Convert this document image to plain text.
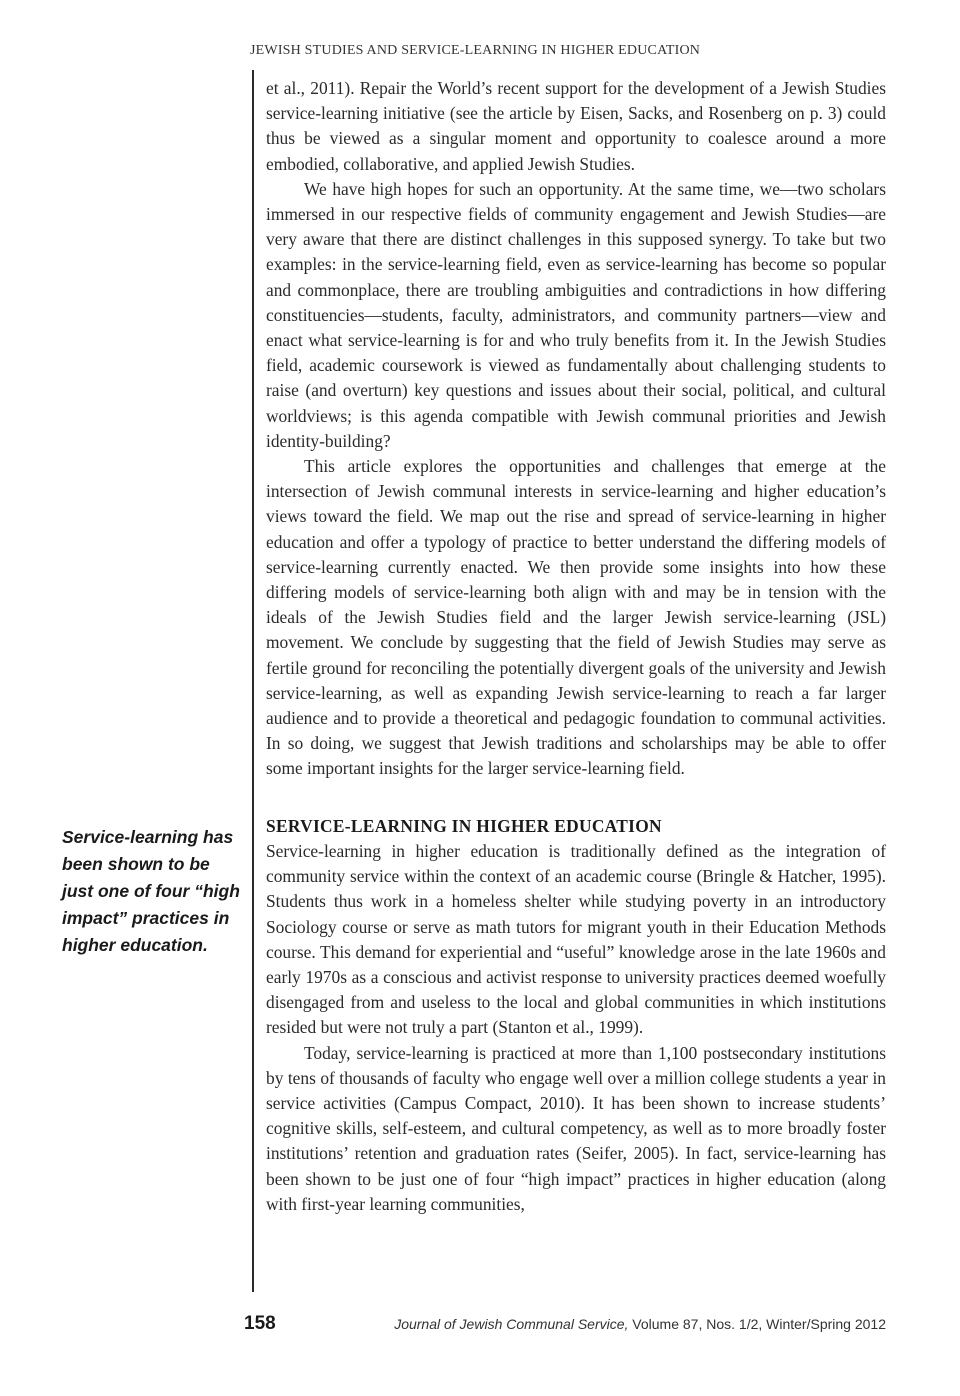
JEWISH STUDIES AND SERVICE-LEARNING IN HIGHER EDUCATION

Service-learning has been shown to be just one of four “high impact” practices in higher education.

et al., 2011). Repair the World’s recent support for the development of a Jewish Studies service-learning initiative (see the article by Eisen, Sacks, and Rosenberg on p. 3) could thus be viewed as a singular moment and opportunity to coalesce around a more embodied, collaborative, and applied Jewish Studies.

We have high hopes for such an opportunity. At the same time, we—two scholars immersed in our respective fields of community engagement and Jewish Studies—are very aware that there are distinct challenges in this supposed synergy. To take but two examples: in the service-learning field, even as service-learning has become so popular and commonplace, there are troubling ambiguities and contradictions in how differing constituencies—students, faculty, administrators, and community partners—view and enact what service-learning is for and who truly benefits from it. In the Jewish Studies field, academic coursework is viewed as fundamentally about challenging students to raise (and overturn) key questions and issues about their social, political, and cultural worldviews; is this agenda compatible with Jewish communal priorities and Jewish identity-building?

This article explores the opportunities and challenges that emerge at the intersection of Jewish communal interests in service-learning and higher education’s views toward the field. We map out the rise and spread of service-learning in higher education and offer a typology of practice to better understand the differing models of service-learning currently enacted. We then provide some insights into how these differing models of service-learning both align with and may be in tension with the ideals of the Jewish Studies field and the larger Jewish service-learning (JSL) movement. We conclude by suggesting that the field of Jewish Studies may serve as fertile ground for reconciling the potentially divergent goals of the university and Jewish service-learning, as well as expanding Jewish service-learning to reach a far larger audience and to provide a theoretical and pedagogic foundation to communal activities. In so doing, we suggest that Jewish traditions and scholarships may be able to offer some important insights for the larger service-learning field.

SERVICE-LEARNING IN HIGHER EDUCATION

Service-learning in higher education is traditionally defined as the integration of community service within the context of an academic course (Bringle & Hatcher, 1995). Students thus work in a homeless shelter while studying poverty in an introductory Sociology course or serve as math tutors for migrant youth in their Education Methods course. This demand for experiential and “useful” knowledge arose in the late 1960s and early 1970s as a conscious and activist response to university practices deemed woefully disengaged from and useless to the local and global communities in which institutions resided but were not truly a part (Stanton et al., 1999).

Today, service-learning is practiced at more than 1,100 postsecondary institutions by tens of thousands of faculty who engage well over a million college students a year in service activities (Campus Compact, 2010). It has been shown to increase students’ cognitive skills, self-esteem, and cultural competency, as well as to more broadly foster institutions’ retention and graduation rates (Seifer, 2005). In fact, service-learning has been shown to be just one of four “high impact” practices in higher education (along with first-year learning communities,

158	Journal of Jewish Communal Service, Volume 87, Nos. 1/2, Winter/Spring 2012
